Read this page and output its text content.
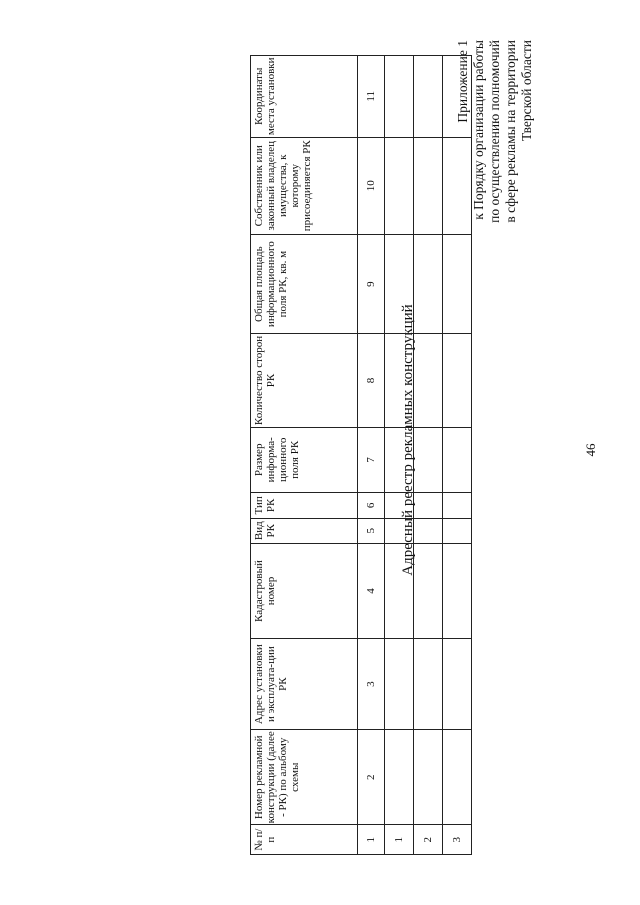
46
Приложение 1 к Порядку организации работы по осуществлению полномочий в сфере рекламы на территории Тверской области
Адресный реестр рекламных конструкций
№ п/п	Номер рекламной конструкции (далее - РК) по альбому схемы	Адрес установки и эксплуата-ции РК	Кадастровый номер	Вид РК	Тип РК	Размер информа-ционного поля РК	Количество сторон РК	Общая площадь информационного поля РК, кв. м	Собственник или законный владелец имущества, к которому присоединяется РК	Координаты места установки
1	2	3	4	5	6	7	8	9	10	11
1										
2										
3										
